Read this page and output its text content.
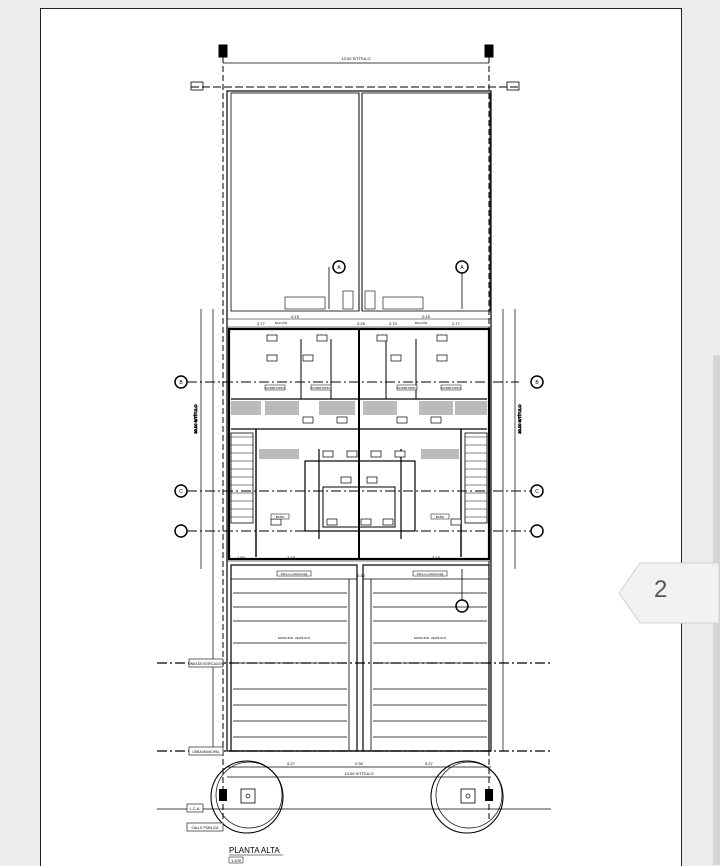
13.00 S/TÍTULO
30.00 S/TÍTULO	30.00 S/TÍTULO
A	A
B	B
C	C
2.77
0.15
0.25	2.70
0.15
2.77
DORMITORIO	DORMITORIO	DORMITORIO	DORMITORIO
BAÑO	BAÑO
BALCÓN	BALCÓN
1.50	3.15	3.15
0.30
Patio en planta baja	Patio en planta baja
ESTACION. VEHÍCULO	ESTACION. VEHÍCULO
LÍNEA DE EDIFICACIÓN
LÍNEA MUNICIPAL
5.27	0.30	5.27
13.00 S/TÍTULO
L.C.A.
CALLE PÚBLICA
PLANTA ALTA
1:100
2
